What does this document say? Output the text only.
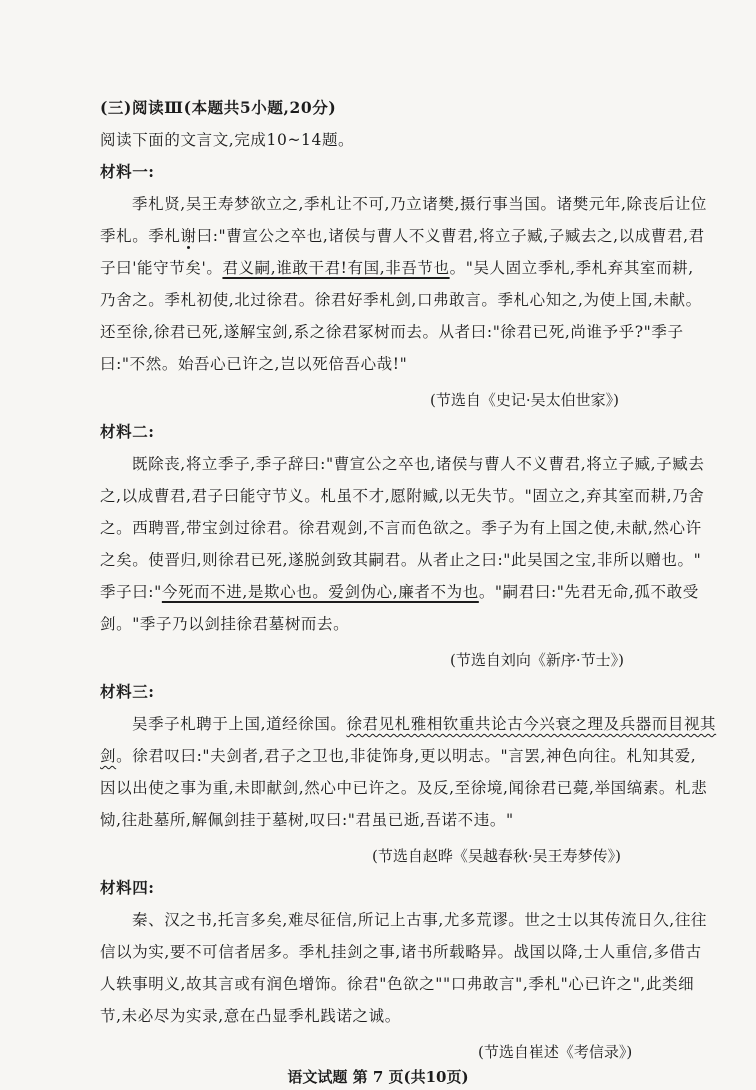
(三)阅读Ⅲ(本题共5小题,20分)
阅读下面的文言文,完成10~14题。
材料一:
季札贤,吴王寿梦欲立之,季札让不可,乃立诸樊,摄行事当国。诸樊元年,除丧后让位
季札。季札谢曰:"曹宣公之卒也,诸侯与曹人不义曹君,将立子臧,子臧去之,以成曹君,君
子曰'能守节矣'。君义嗣,谁敢干君!有国,非吾节也。"吴人固立季札,季札弃其室而耕,
乃舍之。季札初使,北过徐君。徐君好季札剑,口弗敢言。季札心知之,为使上国,未献。
还至徐,徐君已死,遂解宝剑,系之徐君冢树而去。从者曰:"徐君已死,尚谁予乎?"季子
曰:"不然。始吾心已许之,岂以死倍吾心哉!"
(节选自《史记·吴太伯世家》)
材料二:
既除丧,将立季子,季子辞曰:"曹宣公之卒也,诸侯与曹人不义曹君,将立子臧,子臧去
之,以成曹君,君子曰能守节义。札虽不才,愿附臧,以无失节。"固立之,弃其室而耕,乃舍
之。西聘晋,带宝剑过徐君。徐君观剑,不言而色欲之。季子为有上国之使,未献,然心许
之矣。使晋归,则徐君已死,遂脱剑致其嗣君。从者止之曰:"此吴国之宝,非所以赠也。"
季子曰:"今死而不进,是欺心也。爱剑伪心,廉者不为也。"嗣君曰:"先君无命,孤不敢受
剑。"季子乃以剑挂徐君墓树而去。
(节选自刘向《新序·节士》)
材料三:
吴季子札聘于上国,道经徐国。徐君见札雅相钦重共论古今兴衰之理及兵器而目视其
剑。徐君叹曰:"夫剑者,君子之卫也,非徒饰身,更以明志。"言罢,神色向往。札知其爱,
因以出使之事为重,未即献剑,然心中已许之。及反,至徐境,闻徐君已薨,举国缟素。札悲
恸,往赴墓所,解佩剑挂于墓树,叹曰:"君虽已逝,吾诺不违。"
(节选自赵晔《吴越春秋·吴王寿梦传》)
材料四:
秦、汉之书,托言多矣,难尽征信,所记上古事,尤多荒谬。世之士以其传流日久,往往
信以为实,要不可信者居多。季札挂剑之事,诸书所载略异。战国以降,士人重信,多借古
人轶事明义,故其言或有润色增饰。徐君"色欲之""口弗敢言",季札"心已许之",此类细
节,未必尽为实录,意在凸显季札践诺之诚。
(节选自崔述《考信录》)
语文试题 第 7 页(共10页)
